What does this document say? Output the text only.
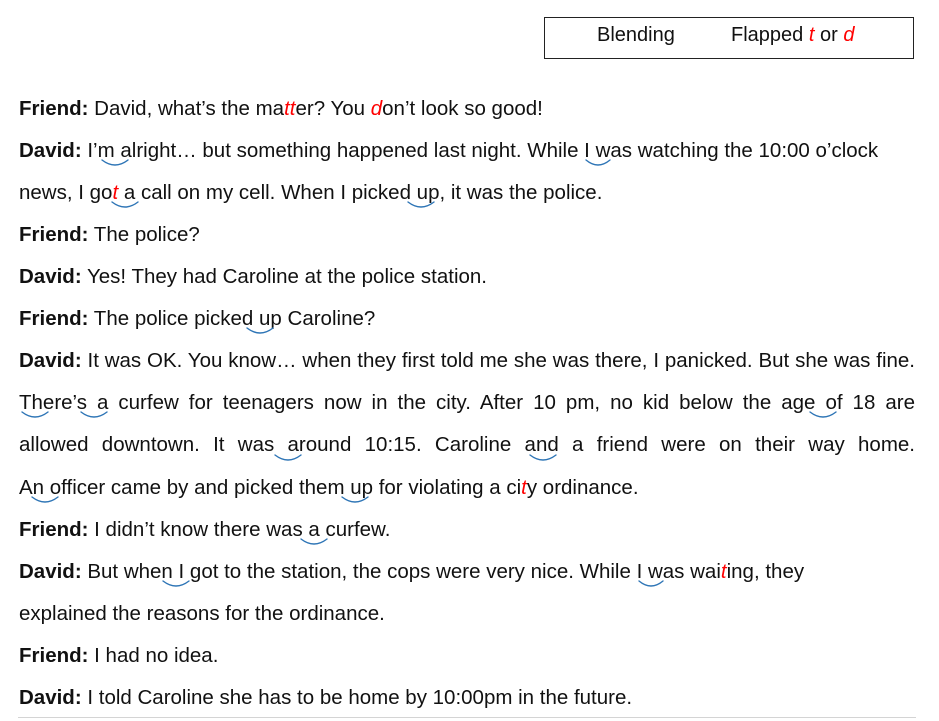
Blending	Flapped t or d
Friend: David, what’s the matter? You don’t look so good!
David: I’m alright… but something happened last night. While I was watching the 10:00 o’clock
news, I got a call on my cell. When I picked up, it was the police.
Friend: The police?
David: Yes! They had Caroline at the police station.
Friend: The police picked up Caroline?
David: It was OK. You know… when they first told me she was there, I panicked. But she was fine.
There’s a curfew for teenagers now in the city. After 10 pm, no kid below the age of 18 are
allowed downtown. It was around 10:15. Caroline and a friend were on their way home.
An officer came by and picked them up for violating a city ordinance.
Friend: I didn’t know there was a curfew.
David: But when I got to the station, the cops were very nice. While I was waiting, they
explained the reasons for the ordinance.
Friend: I had no idea.
David: I told Caroline she has to be home by 10:00pm in the future.
